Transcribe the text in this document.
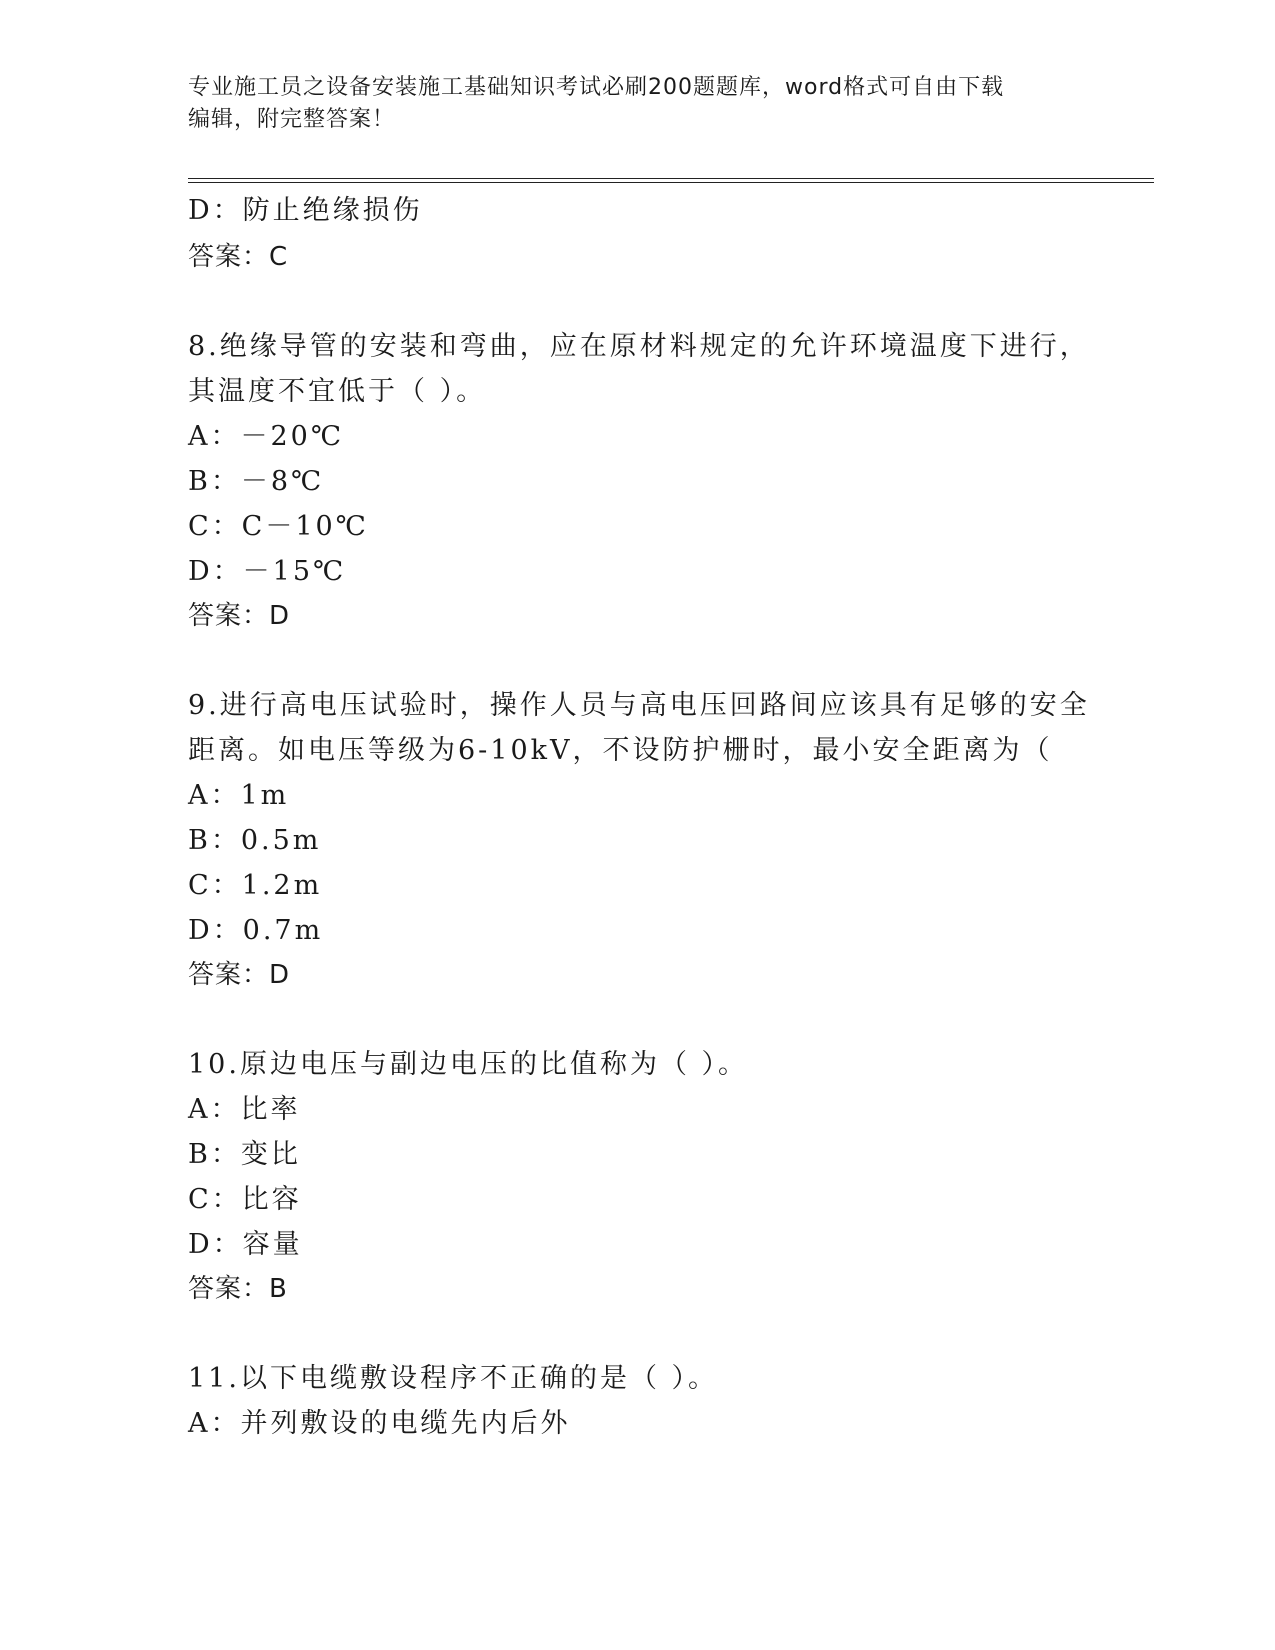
专业施工员之设备安装施工基础知识考试必刷200题题库，word格式可自由下载
编辑，附完整答案！
D：防止绝缘损伤
答案：C
8.绝缘导管的安装和弯曲，应在原材料规定的允许环境温度下进行，
其温度不宜低于（ ）。
A：－20℃
B：－8℃
C：C－10℃
D：－15℃
答案：D
9.进行高电压试验时，操作人员与高电压回路间应该具有足够的安全
距离。如电压等级为6-10kV，不设防护栅时，最小安全距离为（
A：1m
B：0.5m
C：1.2m
D：0.7m
答案：D
10.原边电压与副边电压的比值称为（ ）。
A：比率
B：变比
C：比容
D：容量
答案：B
11.以下电缆敷设程序不正确的是（ ）。
A：并列敷设的电缆先内后外
